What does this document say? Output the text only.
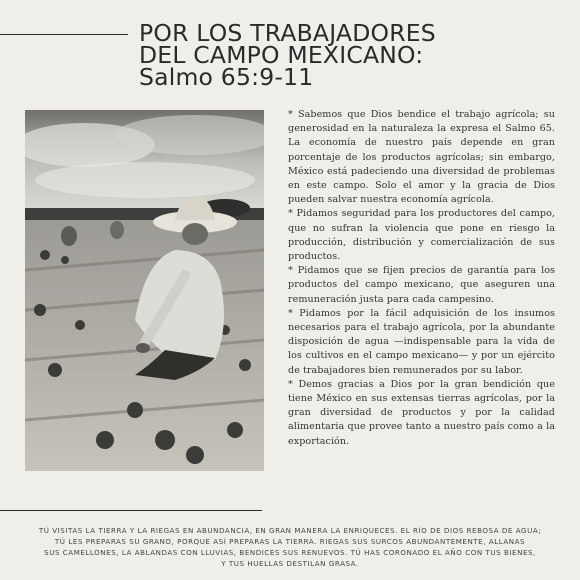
POR LOS TRABAJADORES
DEL CAMPO MEXICANO:
Salmo 65:9-11

* Sabemos que Dios bendice el trabajo agrícola; su generosidad en la naturaleza la expresa el Salmo 65. La economía de nuestro país depende en gran porcentaje de los productos agrícolas; sin embargo, México está padeciendo una diversidad de problemas en este campo. Solo el amor y la gracia de Dios pueden salvar nuestra economía agrícola.

* Pidamos seguridad para los productores del campo, que no sufran la violencia que pone en riesgo la producción, distribución y comercialización de sus productos.

* Pidamos que se fijen precios de garantía para los productos del campo mexicano, que aseguren una remuneración justa para cada campesino.

* Pidamos por la fácil adquisición de los insumos necesarios para el trabajo agrícola, por la abundante disposición de agua —indispensable para la vida de los cultivos en el campo mexicano— y por un ejército de trabajadores bien remunerados por su labor.

* Demos gracias a Dios por la gran bendición que tiene México en sus extensas tierras agrícolas, por la gran diversidad de productos y por la calidad alimentaria que provee tanto a nuestro país como a la exportación.

TÚ VISITAS LA TIERRA Y LA RIEGAS EN ABUNDANCIA, EN GRAN MANERA LA ENRIQUECES. EL RÍO DE DIOS REBOSA DE AGUA;
TÚ LES PREPARAS SU GRANO, PORQUE ASÍ PREPARAS LA TIERRA. RIEGAS SUS SURCOS ABUNDANTEMENTE, ALLANAS
SUS CAMELLONES, LA ABLANDAS CON LLUVIAS, BENDICES SUS RENUEVOS. TÚ HAS CORONADO EL AÑO CON TUS BIENES,
Y TUS HUELLAS DESTILAN GRASA.
